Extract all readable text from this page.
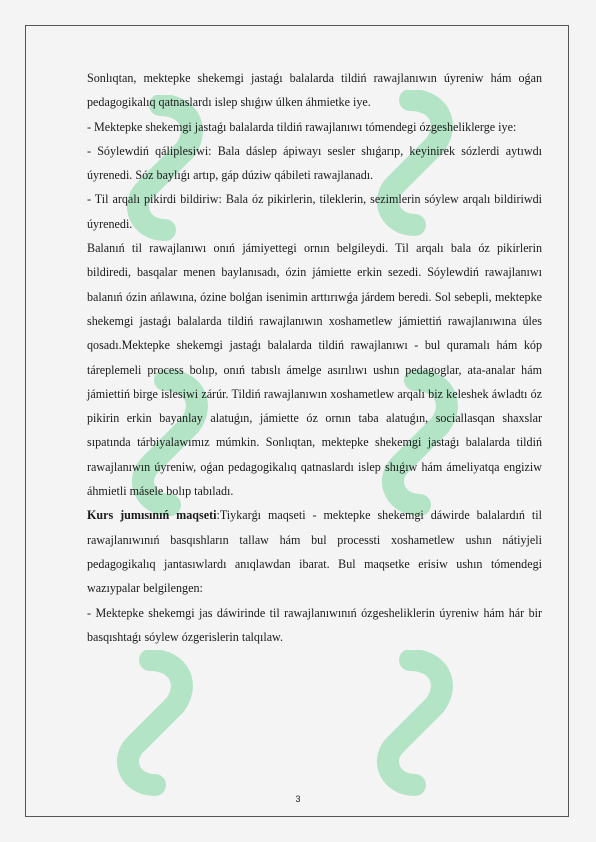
Sonlıqtan, mektepke shekemgi jastaǵı balalarda tildiń rawajlanıwın úyreniw hám oǵan pedagogikalıq qatnaslardı islep shıǵıw úlken áhmietke iye.

- Mektepke shekemgi jastaǵı balalarda tildiń rawajlanıwı tómendegi ózgesheliklerge iye:

- Sóylewdiń qáliplesiwi: Bala dáslep ápiwayı sesler shıǵarıp, keyinirek sózlerdi aytıwdı úyrenedi. Sóz baylıǵı artıp, gáp dúziw qábileti rawajlanadı.

- Til arqalı pikirdi bildiriw: Bala óz pikirlerin, tileklerin, sezimlerin sóylew arqalı bildiriwdi úyrenedi.

Balanıń til rawajlanıwı onıń jámiyettegi ornın belgileydi. Til arqalı bala óz pikirlerin bildiredi, basqalar menen baylanısadı, ózin jámiette erkin sezedi. Sóylewdiń rawajlanıwı balanıń ózin ańlawına, ózine bolǵan isenimin arttırıwǵa járdem beredi. Sol sebepli, mektepke shekemgi jastaǵı balalarda tildiń rawajlanıwın xoshametlew jámiettiń rawajlanıwına úles qosadı.Mektepke shekemgi jastaǵı balalarda tildiń rawajlanıwı - bul quramalı hám kóp táreplemeli process bolıp, onıń tabıslı ámelge asırılıwı ushın pedagoglar, ata-analar hám jámiettiń birge islesiwi zárúr. Tildiń rawajlanıwın xoshametlew arqalı biz keleshek áwladtı óz pikirin erkin bayanlay alatuǵın, jámiette óz ornın taba alatuǵın, sociallasqan shaxslar sıpatında tárbiyalawımız múmkin. Sonlıqtan, mektepke shekemgi jastaǵı balalarda tildiń rawajlanıwın úyreniw, oǵan pedagogikalıq qatnaslardı islep shıǵıw hám ámeliyatqa engiziw áhmietli másele bolıp tabıladı.

Kurs jumısınıń maqseti:Tiykarǵı maqseti - mektepke shekemgi dáwirde balalardıń til rawajlanıwınıń basqıshların tallaw hám bul processti xoshametlew ushın nátiyjeli pedagogikalıq jantasıwlardı anıqlawdan ibarat. Bul maqsetke erisiw ushın tómendegi wazıypalar belgilengen:

- Mektepke shekemgi jas dáwirinde til rawajlanıwınıń ózgesheliklerin úyreniw hám hár bir basqıshtaǵı sóylew ózgerislerin talqılaw.

3
